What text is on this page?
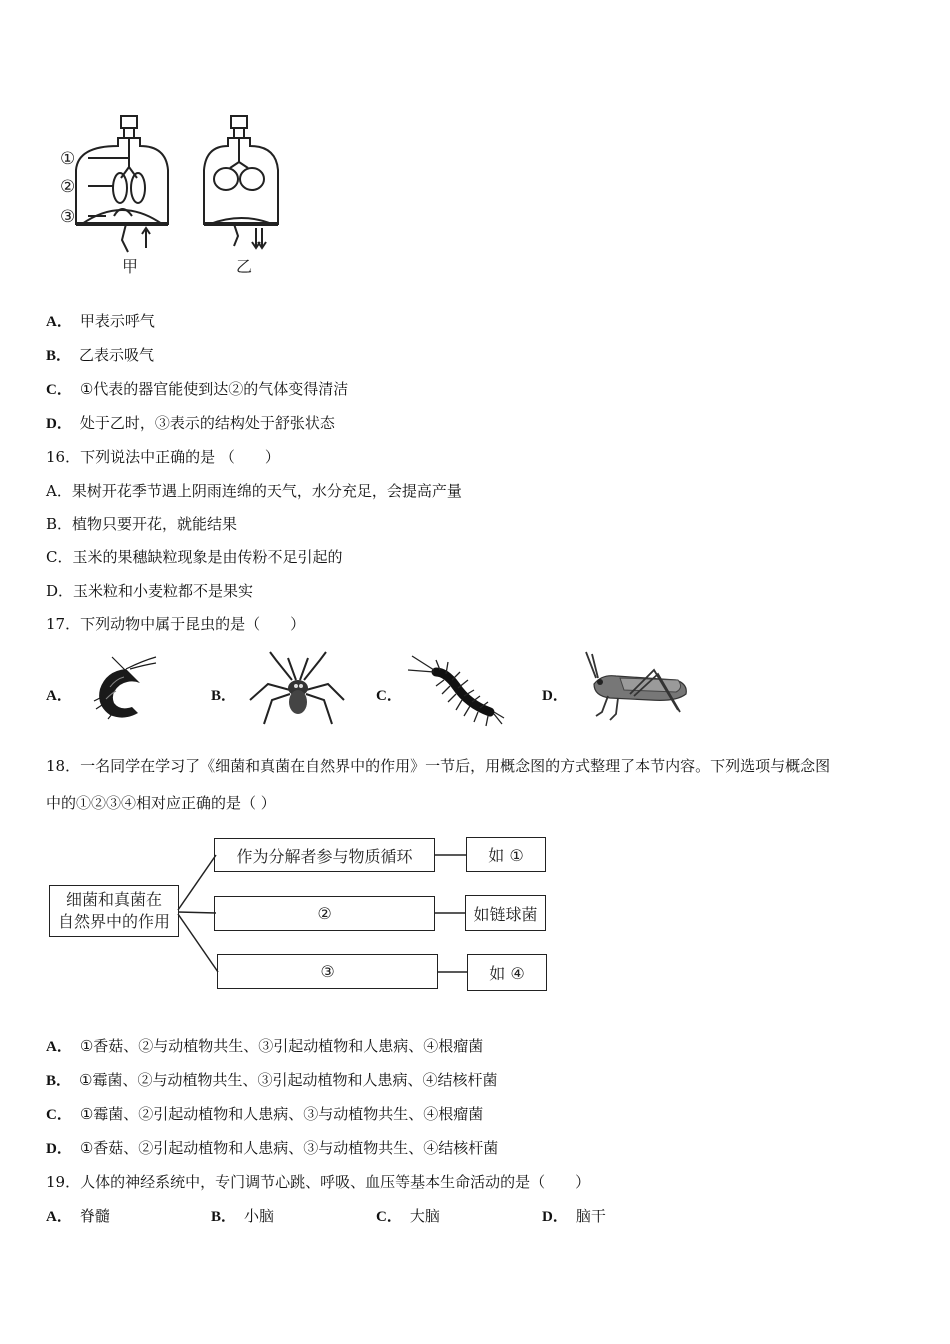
①
②
③
甲	乙
A． 甲表示呼气
B． 乙表示吸气
C． ①代表的器官能使到达②的气体变得清洁
D． 处于乙时，③表示的结构处于舒张状态
16．下列说法中正确的是 （　　）
A．果树开花季节遇上阴雨连绵的天气，水分充足，会提高产量
B．植物只要开花，就能结果
C．玉米的果穗缺粒现象是由传粉不足引起的
D．玉米粒和小麦粒都不是果实
17．下列动物中属于昆虫的是（　　）
A．	B．	C．	D．
18．一名同学在学习了《细菌和真菌在自然界中的作用》一节后，用概念图的方式整理了本节内容。下列选项与概念图
中的①②③④相对应正确的是（ ）
细菌和真菌在
自然界中的作用
作为分解者参与物质循环
②
③
如 ①
如链球菌
如 ④
A． ①香菇、②与动植物共生、③引起动植物和人患病、④根瘤菌
B． ①霉菌、②与动植物共生、③引起动植物和人患病、④结核杆菌
C． ①霉菌、②引起动植物和人患病、③与动植物共生、④根瘤菌
D． ①香菇、②引起动植物和人患病、③与动植物共生、④结核杆菌
19．人体的神经系统中，专门调节心跳、呼吸、血压等基本生命活动的是（　　）
A． 脊髓	B． 小脑	C． 大脑	D． 脑干
